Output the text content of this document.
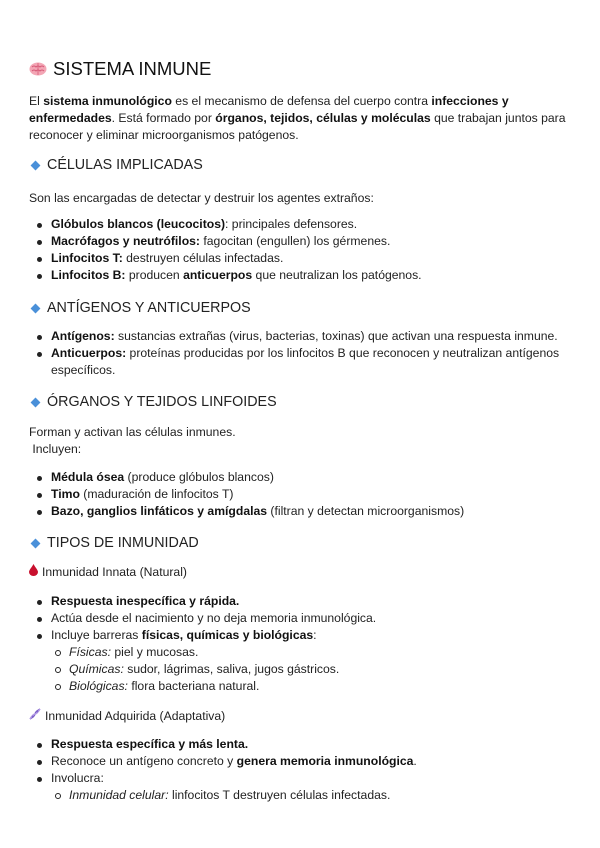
SISTEMA INMUNE
El sistema inmunológico es el mecanismo de defensa del cuerpo contra infecciones y enfermedades. Está formado por órganos, tejidos, células y moléculas que trabajan juntos para reconocer y eliminar microorganismos patógenos.
CÉLULAS IMPLICADAS
Son las encargadas de detectar y destruir los agentes extraños:
Glóbulos blancos (leucocitos): principales defensores.
Macrófagos y neutrófilos: fagocitan (engullen) los gérmenes.
Linfocitos T: destruyen células infectadas.
Linfocitos B: producen anticuerpos que neutralizan los patógenos.
ANTÍGENOS Y ANTICUERPOS
Antígenos: sustancias extrañas (virus, bacterias, toxinas) que activan una respuesta inmune.
Anticuerpos: proteínas producidas por los linfocitos B que reconocen y neutralizan antígenos específicos.
ÓRGANOS Y TEJIDOS LINFOIDES
Forman y activan las células inmunes.
Incluyen:
Médula ósea (produce glóbulos blancos)
Timo (maduración de linfocitos T)
Bazo, ganglios linfáticos y amígdalas (filtran y detectan microorganismos)
TIPOS DE INMUNIDAD
Inmunidad Innata (Natural)
Respuesta inespecífica y rápida.
Actúa desde el nacimiento y no deja memoria inmunológica.
Incluye barreras físicas, químicas y biológicas:
Físicas: piel y mucosas.
Químicas: sudor, lágrimas, saliva, jugos gástricos.
Biológicas: flora bacteriana natural.
Inmunidad Adquirida (Adaptativa)
Respuesta específica y más lenta.
Reconoce un antígeno concreto y genera memoria inmunológica.
Involucra:
Inmunidad celular: linfocitos T destruyen células infectadas.
